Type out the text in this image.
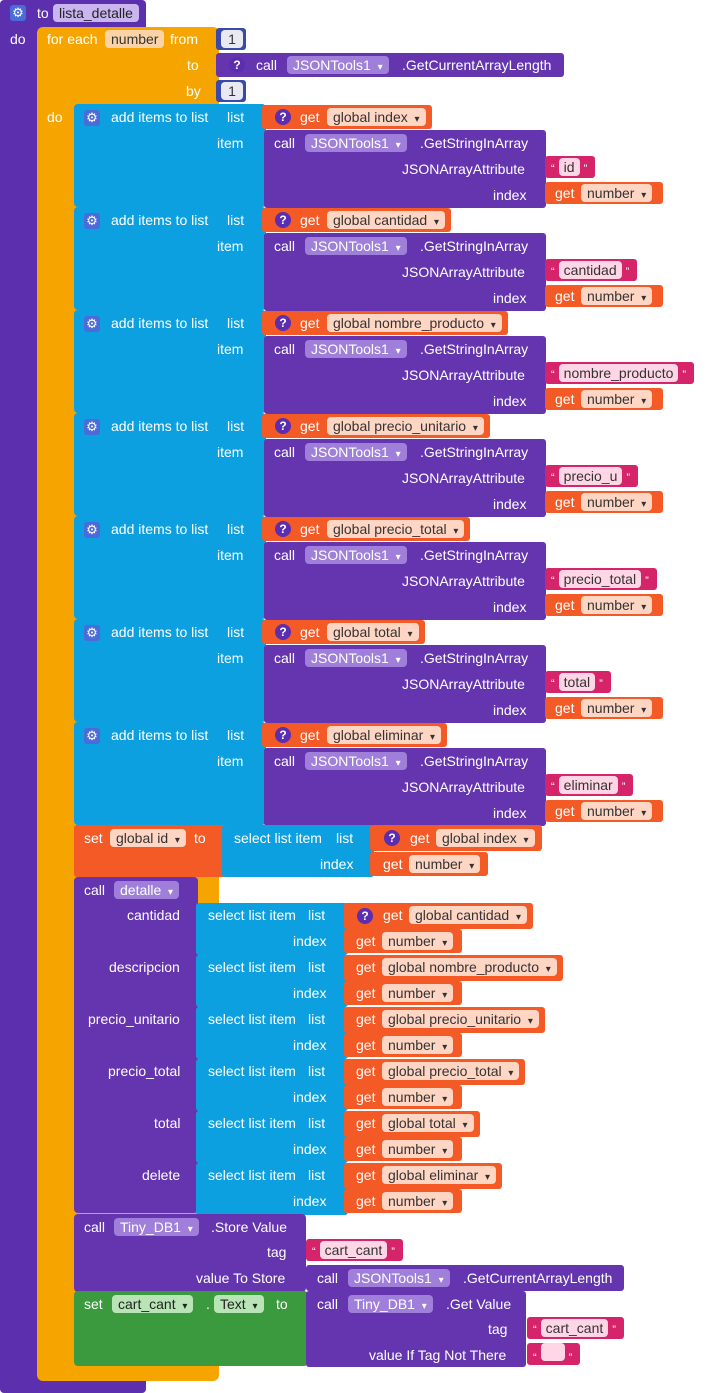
⚙ to lista_detalle
do for each number from	1
to	?	call	JSONTools1 ▾	.GetCurrentArrayLength
by	1
do ⚙ add items to list list	? get global index ▾
item call	JSONTools1 ▾	.GetStringInArray
JSONArrayAttribute “ id ”
index get number ▾
⚙ add items to list list	? get global cantidad ▾
item call	JSONTools1 ▾	.GetStringInArray
JSONArrayAttribute “ cantidad ”
index get number ▾
⚙ add items to list list	? get global nombre_producto ▾
item call	JSONTools1 ▾	.GetStringInArray
JSONArrayAttribute “ nombre_producto ”
index get number ▾
⚙ add items to list list	? get global precio_unitario ▾
item call	JSONTools1 ▾	.GetStringInArray
JSONArrayAttribute “ precio_u ”
index get number ▾
⚙ add items to list list	? get global precio_total ▾
item call	JSONTools1 ▾	.GetStringInArray
JSONArrayAttribute “ precio_total ”
index get number ▾
⚙ add items to list list	? get global total ▾
item call	JSONTools1 ▾	.GetStringInArray
JSONArrayAttribute “ total ”
index get number ▾
⚙ add items to list list	? get global eliminar ▾
item call	JSONTools1 ▾	.GetStringInArray
JSONArrayAttribute “ eliminar ”
index get number ▾
set global id ▾	to select list item list	?	get global index ▾
index get number ▾
call	detalle ▾
cantidad select list item list	?	get global cantidad ▾
index get number ▾
descripcion select list item list get global nombre_producto ▾
index get number ▾
precio_unitario select list item list get global precio_unitario ▾
index get number ▾
precio_total select list item list get global precio_total ▾
index get number ▾
total select list item list get global total ▾
index get number ▾
delete select list item list get global eliminar ▾
index get number ▾
call	Tiny_DB1 ▾	.Store Value
tag “ cart_cant ”
value To Store call	JSONTools1 ▾	.GetCurrentArrayLength
set	cart_cant ▾	. Text ▾	to call	Tiny_DB1 ▾	.Get Value
tag “ cart_cant ”
value If Tag Not There “	”
